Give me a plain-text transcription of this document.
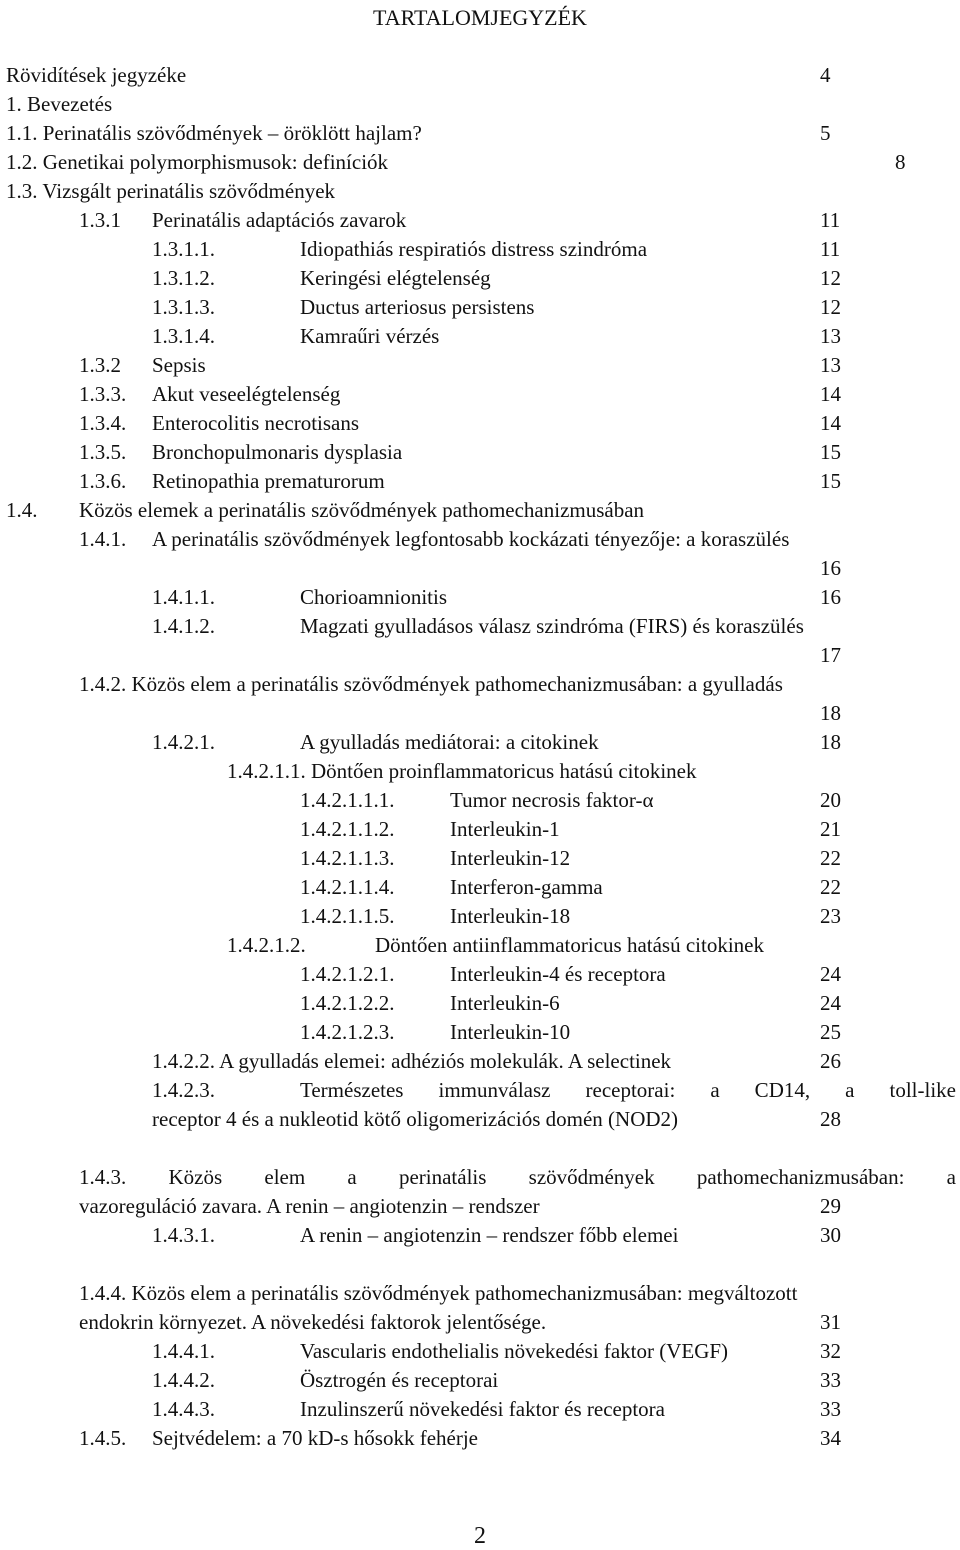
TARTALOMJEGYZÉK
Rövidítések jegyzéke	4
1. Bevezetés
1.1. Perinatális szövődmények – öröklött hajlam?	5
1.2. Genetikai polymorphismusok: definíciók	8
1.3. Vizsgált perinatális szövődmények
1.3.1 Perinatális adaptációs zavarok	11
1.3.1.1.	Idiopathiás respiratiós distress szindróma	11
1.3.1.2.	Keringési elégtelenség	12
1.3.1.3.	Ductus arteriosus persistens	12
1.3.1.4.	Kamraűri vérzés	13
1.3.2 Sepsis	13
1.3.3. Akut veseelégtelenség	14
1.3.4. Enterocolitis necrotisans	14
1.3.5. Bronchopulmonaris dysplasia	15
1.3.6. Retinopathia prematurorum	15
1.4. Közös elemek a perinatális szövődmények pathomechanizmusában
1.4.1. A perinatális szövődmények legfontosabb kockázati tényezője: a koraszülés
16
1.4.1.1.	Chorioamnionitis	16
1.4.1.2.	Magzati gyulladásos válasz szindróma (FIRS) és koraszülés
17
1.4.2. Közös elem a perinatális szövődmények pathomechanizmusában: a gyulladás
18
1.4.2.1.	A gyulladás mediátorai: a citokinek	18
1.4.2.1.1. Döntően proinflammatoricus hatású citokinek
1.4.2.1.1.1.	Tumor necrosis faktor-α	20
1.4.2.1.1.2.	Interleukin-1	21
1.4.2.1.1.3.	Interleukin-12	22
1.4.2.1.1.4.	Interferon-gamma	22
1.4.2.1.1.5.	Interleukin-18	23
1.4.2.1.2.	Döntően antiinflammatoricus hatású citokinek
1.4.2.1.2.1.	Interleukin-4 és receptora	24
1.4.2.1.2.2.	Interleukin-6	24
1.4.2.1.2.3.	Interleukin-10	25
1.4.2.2. A gyulladás elemei: adhéziós molekulák. A selectinek	26
1.4.2.3.	Természetes immunválasz receptorai: a CD14, a toll-like
receptor 4 és a nukleotid kötő oligomerizációs domén (NOD2)	28
1.4.3. Közös elem a perinatális szövődmények pathomechanizmusában: a
vazoreguláció zavara. A renin – angiotenzin – rendszer	29
1.4.3.1.	A renin – angiotenzin – rendszer főbb elemei	30
1.4.4. Közös elem a perinatális szövődmények pathomechanizmusában: megváltozott
endokrin környezet. A növekedési faktorok jelentősége.	31
1.4.4.1.	Vascularis endothelialis növekedési faktor (VEGF)	32
1.4.4.2.	Ösztrogén és receptorai	33
1.4.4.3.	Inzulinszerű növekedési faktor és receptora	33
1.4.5. Sejtvédelem: a 70 kD-s hősokk fehérje	34
2
